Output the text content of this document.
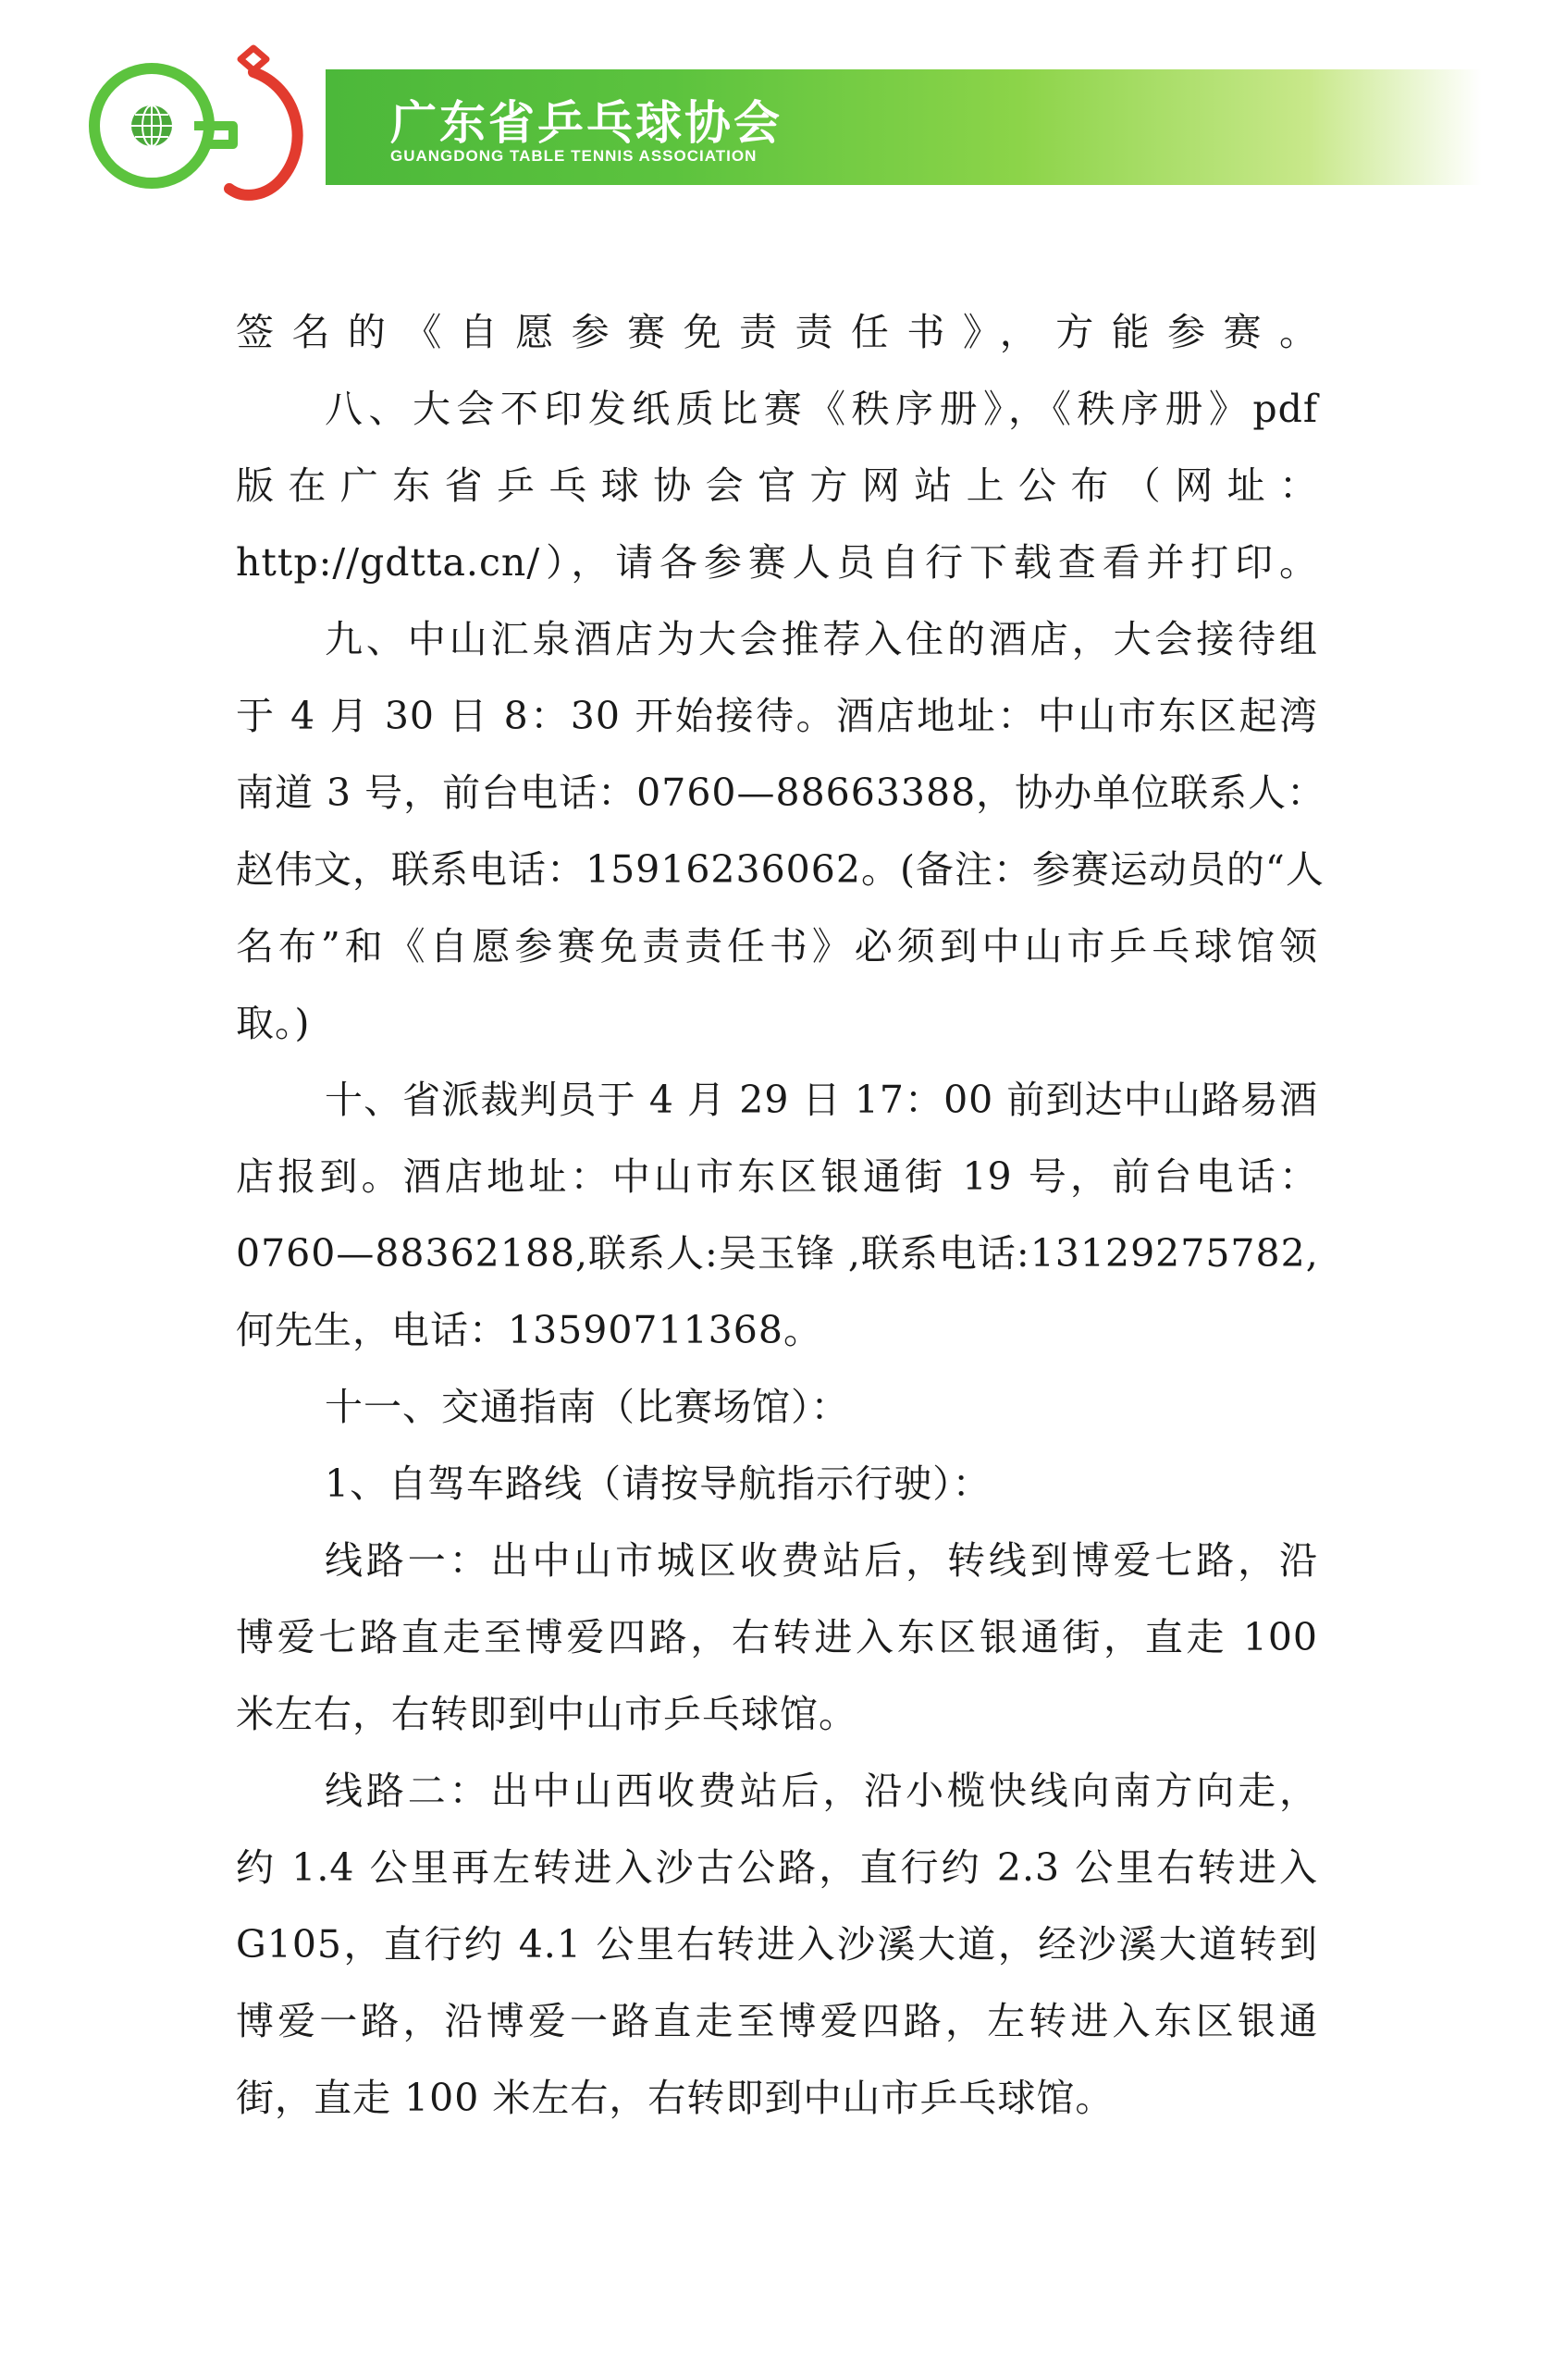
广东省乒乓球协会
GUANGDONG TABLE TENNIS ASSOCIATION
签名的《自愿参赛免责责任书》，方能参赛。
八、大会不印发纸质比赛《秩序册》，《秩序册》pdf
版在广东省乒乓球协会官方网站上公布（网址：
http://gdtta.cn/），请各参赛人员自行下载查看并打印。
九、中山汇泉酒店为大会推荐入住的酒店，大会接待组
于 4 月 30 日 8：30 开始接待。酒店地址：中山市东区起湾
南道 3 号，前台电话：0760—88663388，协办单位联系人：
赵伟文，联系电话：15916236062。(备注：参赛运动员的“人
名布”和《自愿参赛免责责任书》必须到中山市乒乓球馆领
取。)
十、省派裁判员于 4 月 29 日 17：00 前到达中山路易酒
店报到。酒店地址：中山市东区银通街 19 号，前台电话：
0760—88362188,联系人:吴玉锋 ,联系电话:13129275782,
何先生，电话：13590711368。
十一、交通指南（比赛场馆）：
1、自驾车路线（请按导航指示行驶）：
线路一：出中山市城区收费站后，转线到博爱七路，沿
博爱七路直走至博爱四路，右转进入东区银通街，直走 100
米左右，右转即到中山市乒乓球馆。
线路二：出中山西收费站后，沿小榄快线向南方向走，
约 1.4 公里再左转进入沙古公路，直行约 2.3 公里右转进入
G105，直行约 4.1 公里右转进入沙溪大道，经沙溪大道转到
博爱一路，沿博爱一路直走至博爱四路，左转进入东区银通
街，直走 100 米左右，右转即到中山市乒乓球馆。
